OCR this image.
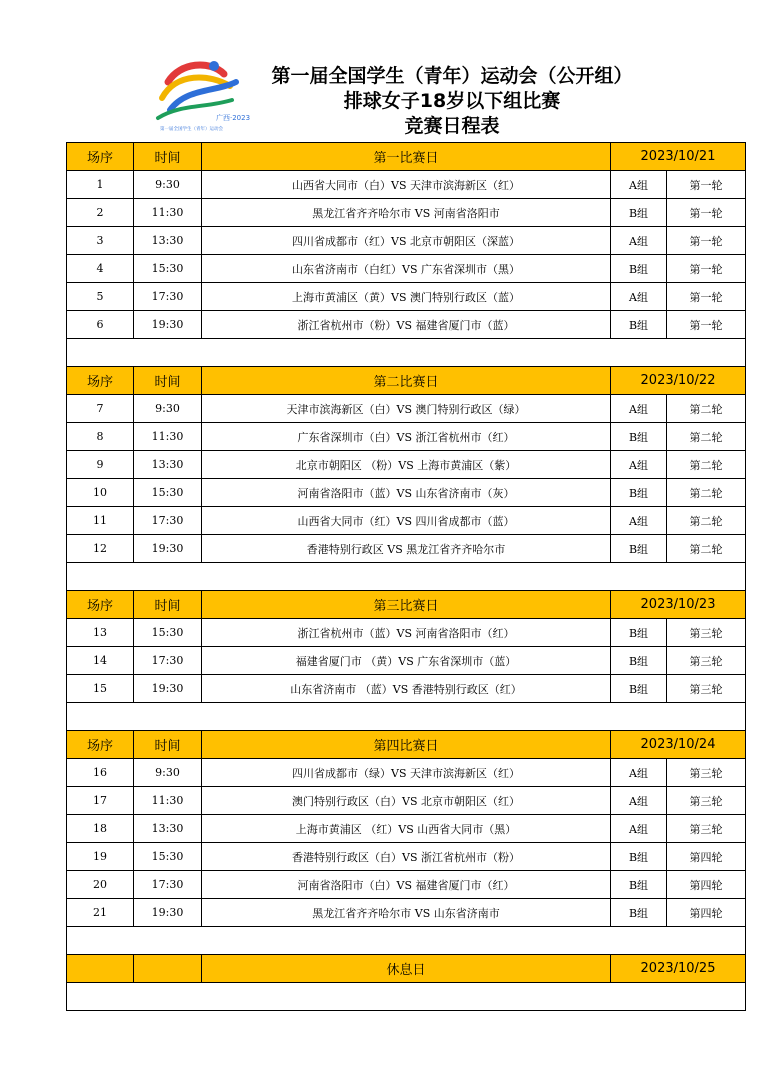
广西·2023
第一届全国学生（青年）运动会
第一届全国学生（青年）运动会（公开组）
排球女子18岁以下组比赛
竞赛日程表
场序	时间	第一比赛日	2023/10/21	
1	9:30	山西省大同市（白）VS 天津市滨海新区（红）	A组	第一轮
2	11:30	黑龙江省齐齐哈尔市 VS 河南省洛阳市	B组	第一轮
3	13:30	四川省成都市（红）VS 北京市朝阳区（深蓝）	A组	第一轮
4	15:30	山东省济南市（白红）VS 广东省深圳市（黑）	B组	第一轮
5	17:30	上海市黄浦区（黄）VS 澳门特别行政区（蓝）	A组	第一轮
6	19:30	浙江省杭州市（粉）VS 福建省厦门市（蓝）	B组	第一轮

场序	时间	第二比赛日	2023/10/22	
7	9:30	天津市滨海新区（白）VS 澳门特别行政区（绿）	A组	第二轮
8	11:30	广东省深圳市（白）VS 浙江省杭州市（红）	B组	第二轮
9	13:30	北京市朝阳区 （粉）VS 上海市黄浦区（紫）	A组	第二轮
10	15:30	河南省洛阳市（蓝）VS 山东省济南市（灰）	B组	第二轮
11	17:30	山西省大同市（红）VS 四川省成都市（蓝）	A组	第二轮
12	19:30	香港特别行政区 VS 黑龙江省齐齐哈尔市	B组	第二轮

场序	时间	第三比赛日	2023/10/23	
13	15:30	浙江省杭州市（蓝）VS 河南省洛阳市（红）	B组	第三轮
14	17:30	福建省厦门市 （黄）VS 广东省深圳市（蓝）	B组	第三轮
15	19:30	山东省济南市 （蓝）VS 香港特别行政区（红）	B组	第三轮

场序	时间	第四比赛日	2023/10/24	
16	9:30	四川省成都市（绿）VS 天津市滨海新区（红）	A组	第三轮
17	11:30	澳门特别行政区（白）VS 北京市朝阳区（红）	A组	第三轮
18	13:30	上海市黄浦区 （红）VS 山西省大同市（黑）	A组	第三轮
19	15:30	香港特别行政区（白）VS 浙江省杭州市（粉）	B组	第四轮
20	17:30	河南省洛阳市（白）VS 福建省厦门市（红）	B组	第四轮
21	19:30	黑龙江省齐齐哈尔市 VS 山东省济南市	B组	第四轮

		休息日	2023/10/25	
